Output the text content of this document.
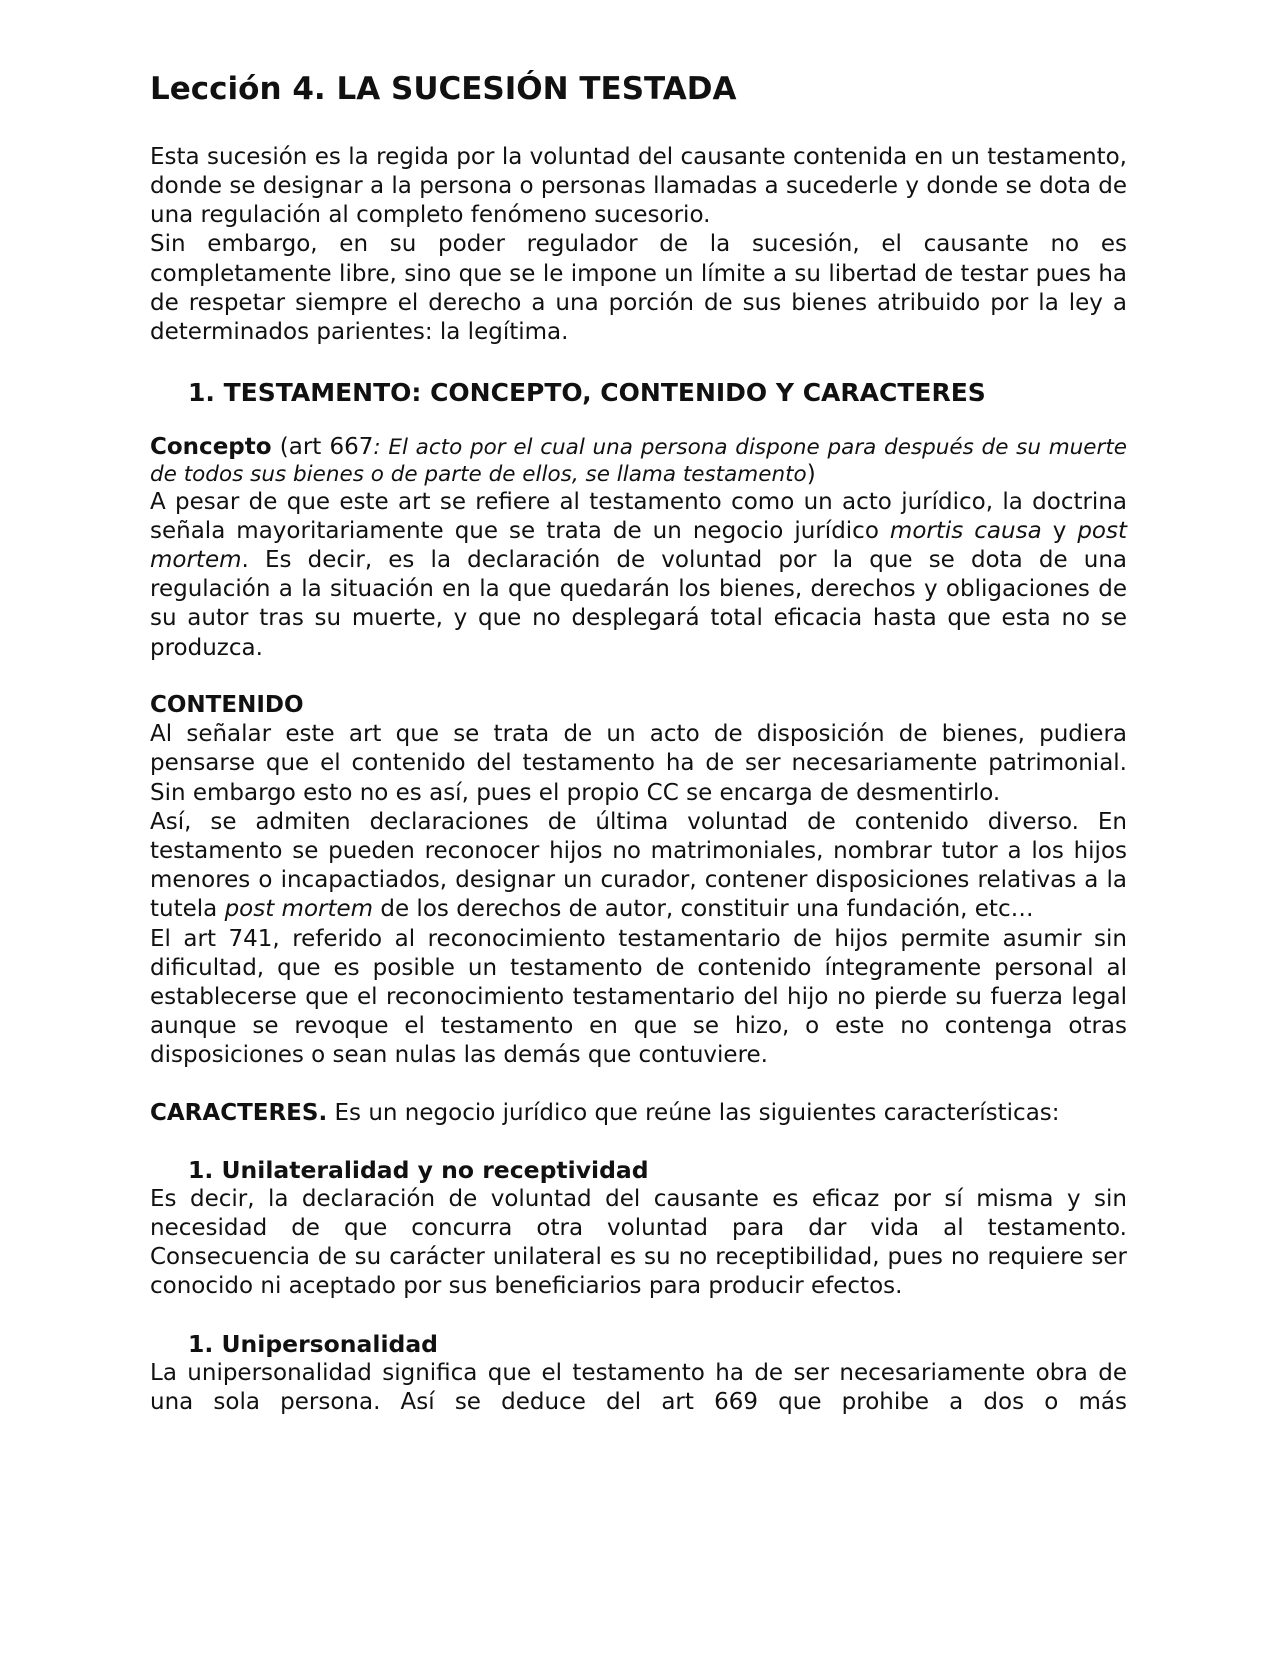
Lección 4. LA SUCESIÓN TESTADA

Esta sucesión es la regida por la voluntad del causante contenida en un testamento, donde se designar a la persona o personas llamadas a sucederle y donde se dota de una regulación al completo fenómeno sucesorio.

Sin embargo, en su poder regulador de la sucesión, el causante no es completamente libre, sino que se le impone un límite a su libertad de testar pues ha de respetar siempre el derecho a una porción de sus bienes atribuido por la ley a determinados parientes: la legítima.

1. TESTAMENTO: CONCEPTO, CONTENIDO Y CARACTERES

Concepto (art 667: El acto por el cual una persona dispone para después de su muerte de todos sus bienes o de parte de ellos, se llama testamento)

A pesar de que este art se refiere al testamento como un acto jurídico, la doctrina señala mayoritariamente que se trata de un negocio jurídico mortis causa y post mortem. Es decir, es la declaración de voluntad por la que se dota de una regulación a la situación en la que quedarán los bienes, derechos y obligaciones de su autor tras su muerte, y que no desplegará total eficacia hasta que esta no se produzca.

CONTENIDO

Al señalar este art que se trata de un acto de disposición de bienes, pudiera pensarse que el contenido del testamento ha de ser necesariamente patrimonial. Sin embargo esto no es así, pues el propio CC se encarga de desmentirlo.

Así, se admiten declaraciones de última voluntad de contenido diverso. En testamento se pueden reconocer hijos no matrimoniales, nombrar tutor a los hijos menores o incapactiados, designar un curador, contener disposiciones relativas a la tutela post mortem de los derechos de autor, constituir una fundación, etc…

El art 741, referido al reconocimiento testamentario de hijos permite asumir sin dificultad, que es posible un testamento de contenido íntegramente personal al establecerse que el reconocimiento testamentario del hijo no pierde su fuerza legal aunque se revoque el testamento en que se hizo, o este no contenga otras disposiciones o sean nulas las demás que contuviere.

CARACTERES. Es un negocio jurídico que reúne las siguientes características:

1. Unilateralidad y no receptividad

Es decir, la declaración de voluntad del causante es eficaz por sí misma y sin necesidad de que concurra otra voluntad para dar vida al testamento. Consecuencia de su carácter unilateral es su no receptibilidad, pues no requiere ser conocido ni aceptado por sus beneficiarios para producir efectos.

1. Unipersonalidad

La unipersonalidad significa que el testamento ha de ser necesariamente obra de una sola persona. Así se deduce del art 669 que prohibe a dos o más
